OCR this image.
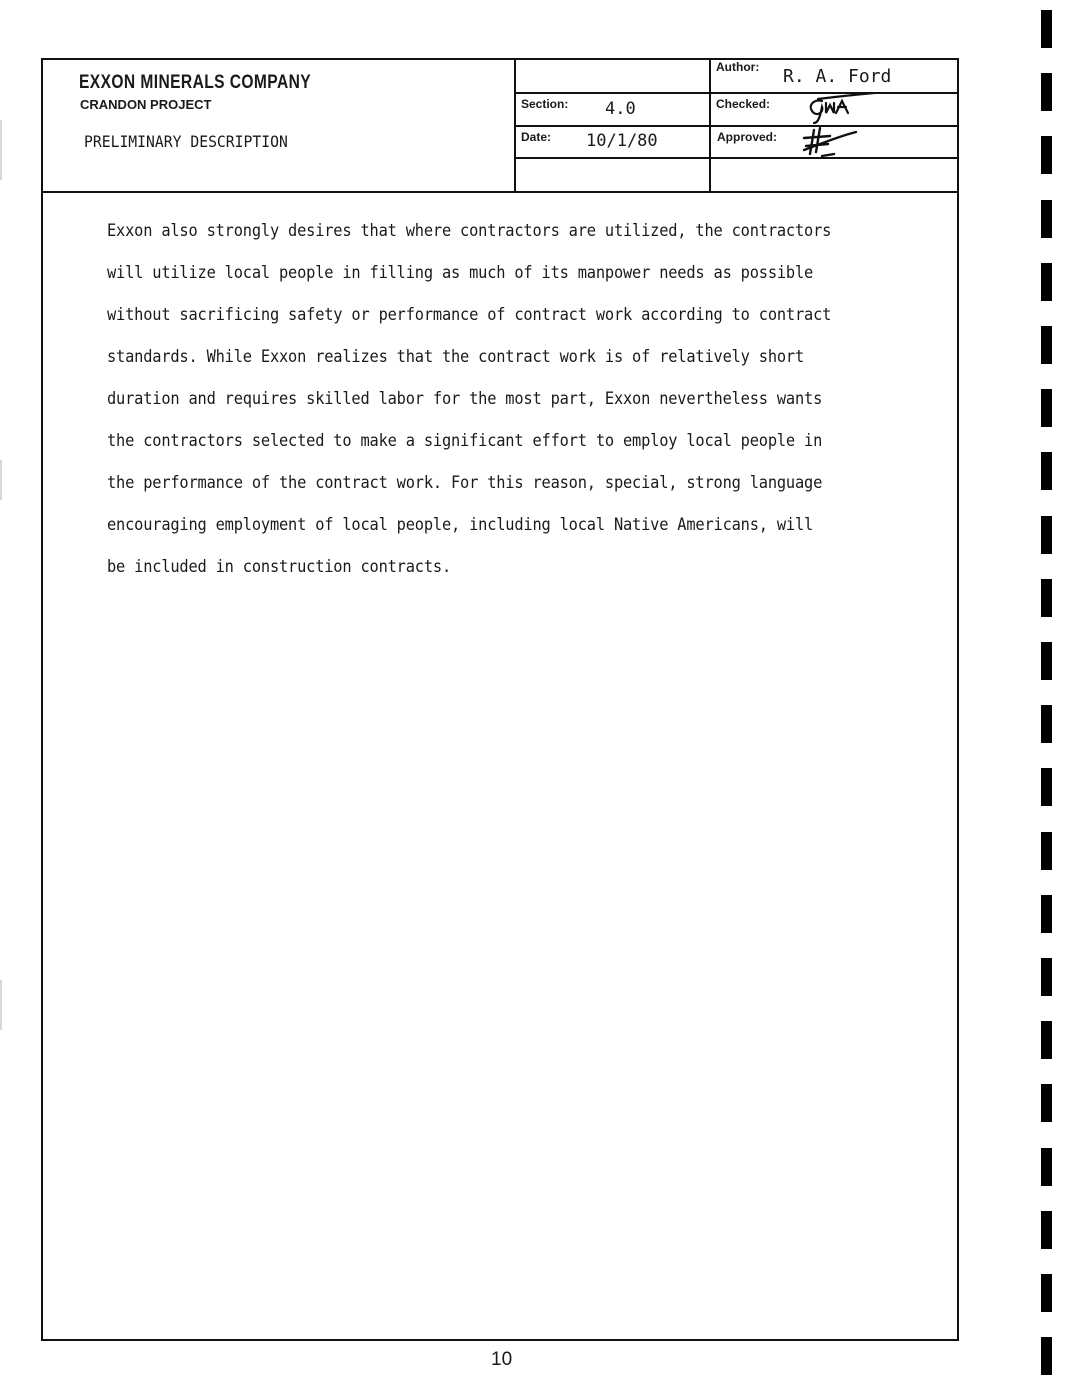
EXXON MINERALS COMPANY
CRANDON PROJECT
PRELIMINARY DESCRIPTION
Author: R. A. Ford
Section: 4.0	Checked:
Date: 10/1/80	Approved:
Exxon also strongly desires that where contractors are utilized, the contractors
will utilize local people in filling as much of its manpower needs as possible
without sacrificing safety or performance of contract work according to contract
standards. While Exxon realizes that the contract work is of relatively short
duration and requires skilled labor for the most part, Exxon nevertheless wants
the contractors selected to make a significant effort to employ local people in
the performance of the contract work. For this reason, special, strong language
encouraging employment of local people, including local Native Americans, will
be included in construction contracts.
10
